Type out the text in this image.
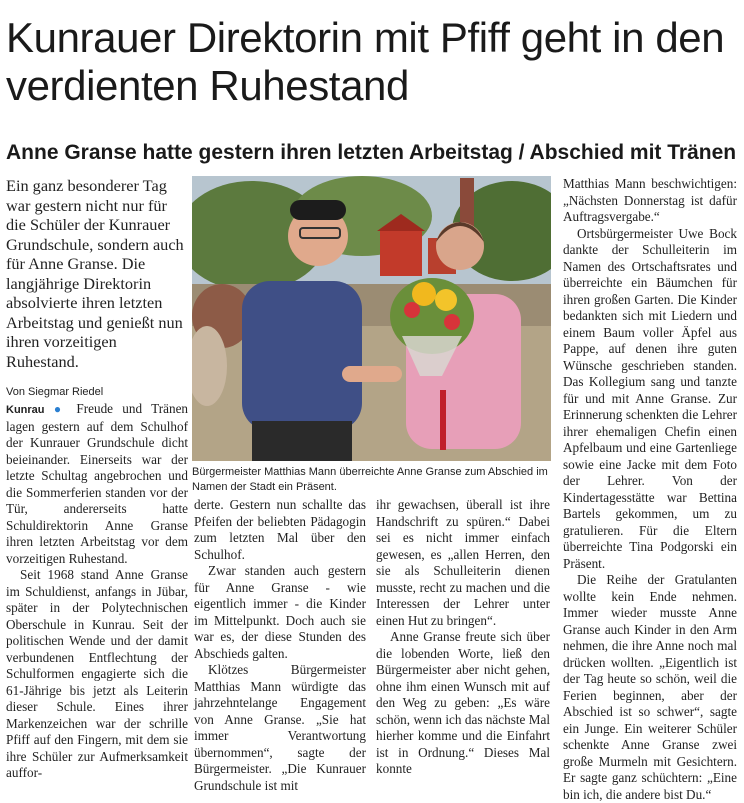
Kunrauer Direktorin mit Pfiff geht in den verdienten Ruhestand
Anne Granse hatte gestern ihren letzten Arbeitstag / Abschied mit Tränen
Ein ganz besonderer Tag war gestern nicht nur für die Schüler der Kunrauer Grundschule, sondern auch für Anne Granse. Die langjährige Direktorin absolvierte ihren letzten Arbeitstag und genießt nun ihren vorzeitigen Ruhestand.
Von Siegmar Riedel
Bürgermeister Matthias Mann überreichte Anne Granse zum Abschied im Namen der Stadt ein Präsent.

Kunrau ● Freude und Tränen lagen gestern auf dem Schulhof der Kunrauer Grundschule dicht beieinander. Einerseits war der letzte Schultag angebrochen und die Sommerferien standen vor der Tür, andererseits hatte Schuldirektorin Anne Granse ihren letzten Arbeitstag vor dem vorzeitigen Ruhestand.

Seit 1968 stand Anne Granse im Schuldienst, anfangs in Jübar, später in der Polytechnischen Oberschule in Kunrau. Seit der politischen Wende und der damit verbundenen Entflechtung der Schulformen engagierte sich die 61-Jährige bis jetzt als Leiterin dieser Schule. Eines ihrer Markenzeichen war der schrille Pfiff auf den Fingern, mit dem sie ihre Schüler zur Aufmerksamkeit auffor-

derte. Gestern nun schallte das Pfeifen der beliebten Pädagogin zum letzten Mal über den Schulhof.

Zwar standen auch gestern für Anne Granse - wie eigentlich immer - die Kinder im Mittelpunkt. Doch auch sie war es, der diese Stunden des Abschieds galten.

Klötzes Bürgermeister Matthias Mann würdigte das jahrzehntelange Engagement von Anne Granse. „Sie hat immer Verantwortung übernommen“, sagte der Bürgermeister. „Die Kunrauer Grundschule ist mit

ihr gewachsen, überall ist ihre Handschrift zu spüren.“ Dabei sei es nicht immer einfach gewesen, es „allen Herren, den sie als Schulleiterin dienen musste, recht zu machen und die Interessen der Lehrer unter einen Hut zu bringen“.

Anne Granse freute sich über die lobenden Worte, ließ den Bürgermeister aber nicht gehen, ohne ihm einen Wunsch mit auf den Weg zu geben: „Es wäre schön, wenn ich das nächste Mal hierher komme und die Einfahrt ist in Ordnung.“ Dieses Mal konnte

Matthias Mann beschwichtigen: „Nächsten Donnerstag ist dafür Auftragsvergabe.“

Ortsbürgermeister Uwe Bock dankte der Schulleiterin im Namen des Ortschaftsrates und überreichte ein Bäumchen für ihren großen Garten. Die Kinder bedankten sich mit Liedern und einem Baum voller Äpfel aus Pappe, auf denen ihre guten Wünsche geschrieben standen. Das Kollegium sang und tanzte für und mit Anne Granse. Zur Erinnerung schenkten die Lehrer ihrer ehemaligen Chefin einen Apfelbaum und eine Gartenliege sowie eine Jacke mit dem Foto der Lehrer. Von der Kindertagesstätte war Bettina Bartels gekommen, um zu gratulieren. Für die Eltern überreichte Tina Podgorski ein Präsent.

Die Reihe der Gratulanten wollte kein Ende nehmen. Immer wieder musste Anne Granse auch Kinder in den Arm nehmen, die ihre Anne noch mal drücken wollten. „Eigentlich ist der Tag heute so schön, weil die Ferien beginnen, aber der Abschied ist so schwer“, sagte ein Junge. Ein weiterer Schüler schenkte Anne Granse zwei große Murmeln mit Gesichtern. Er sagte ganz schüchtern: „Eine bin ich, die andere bist Du.“
